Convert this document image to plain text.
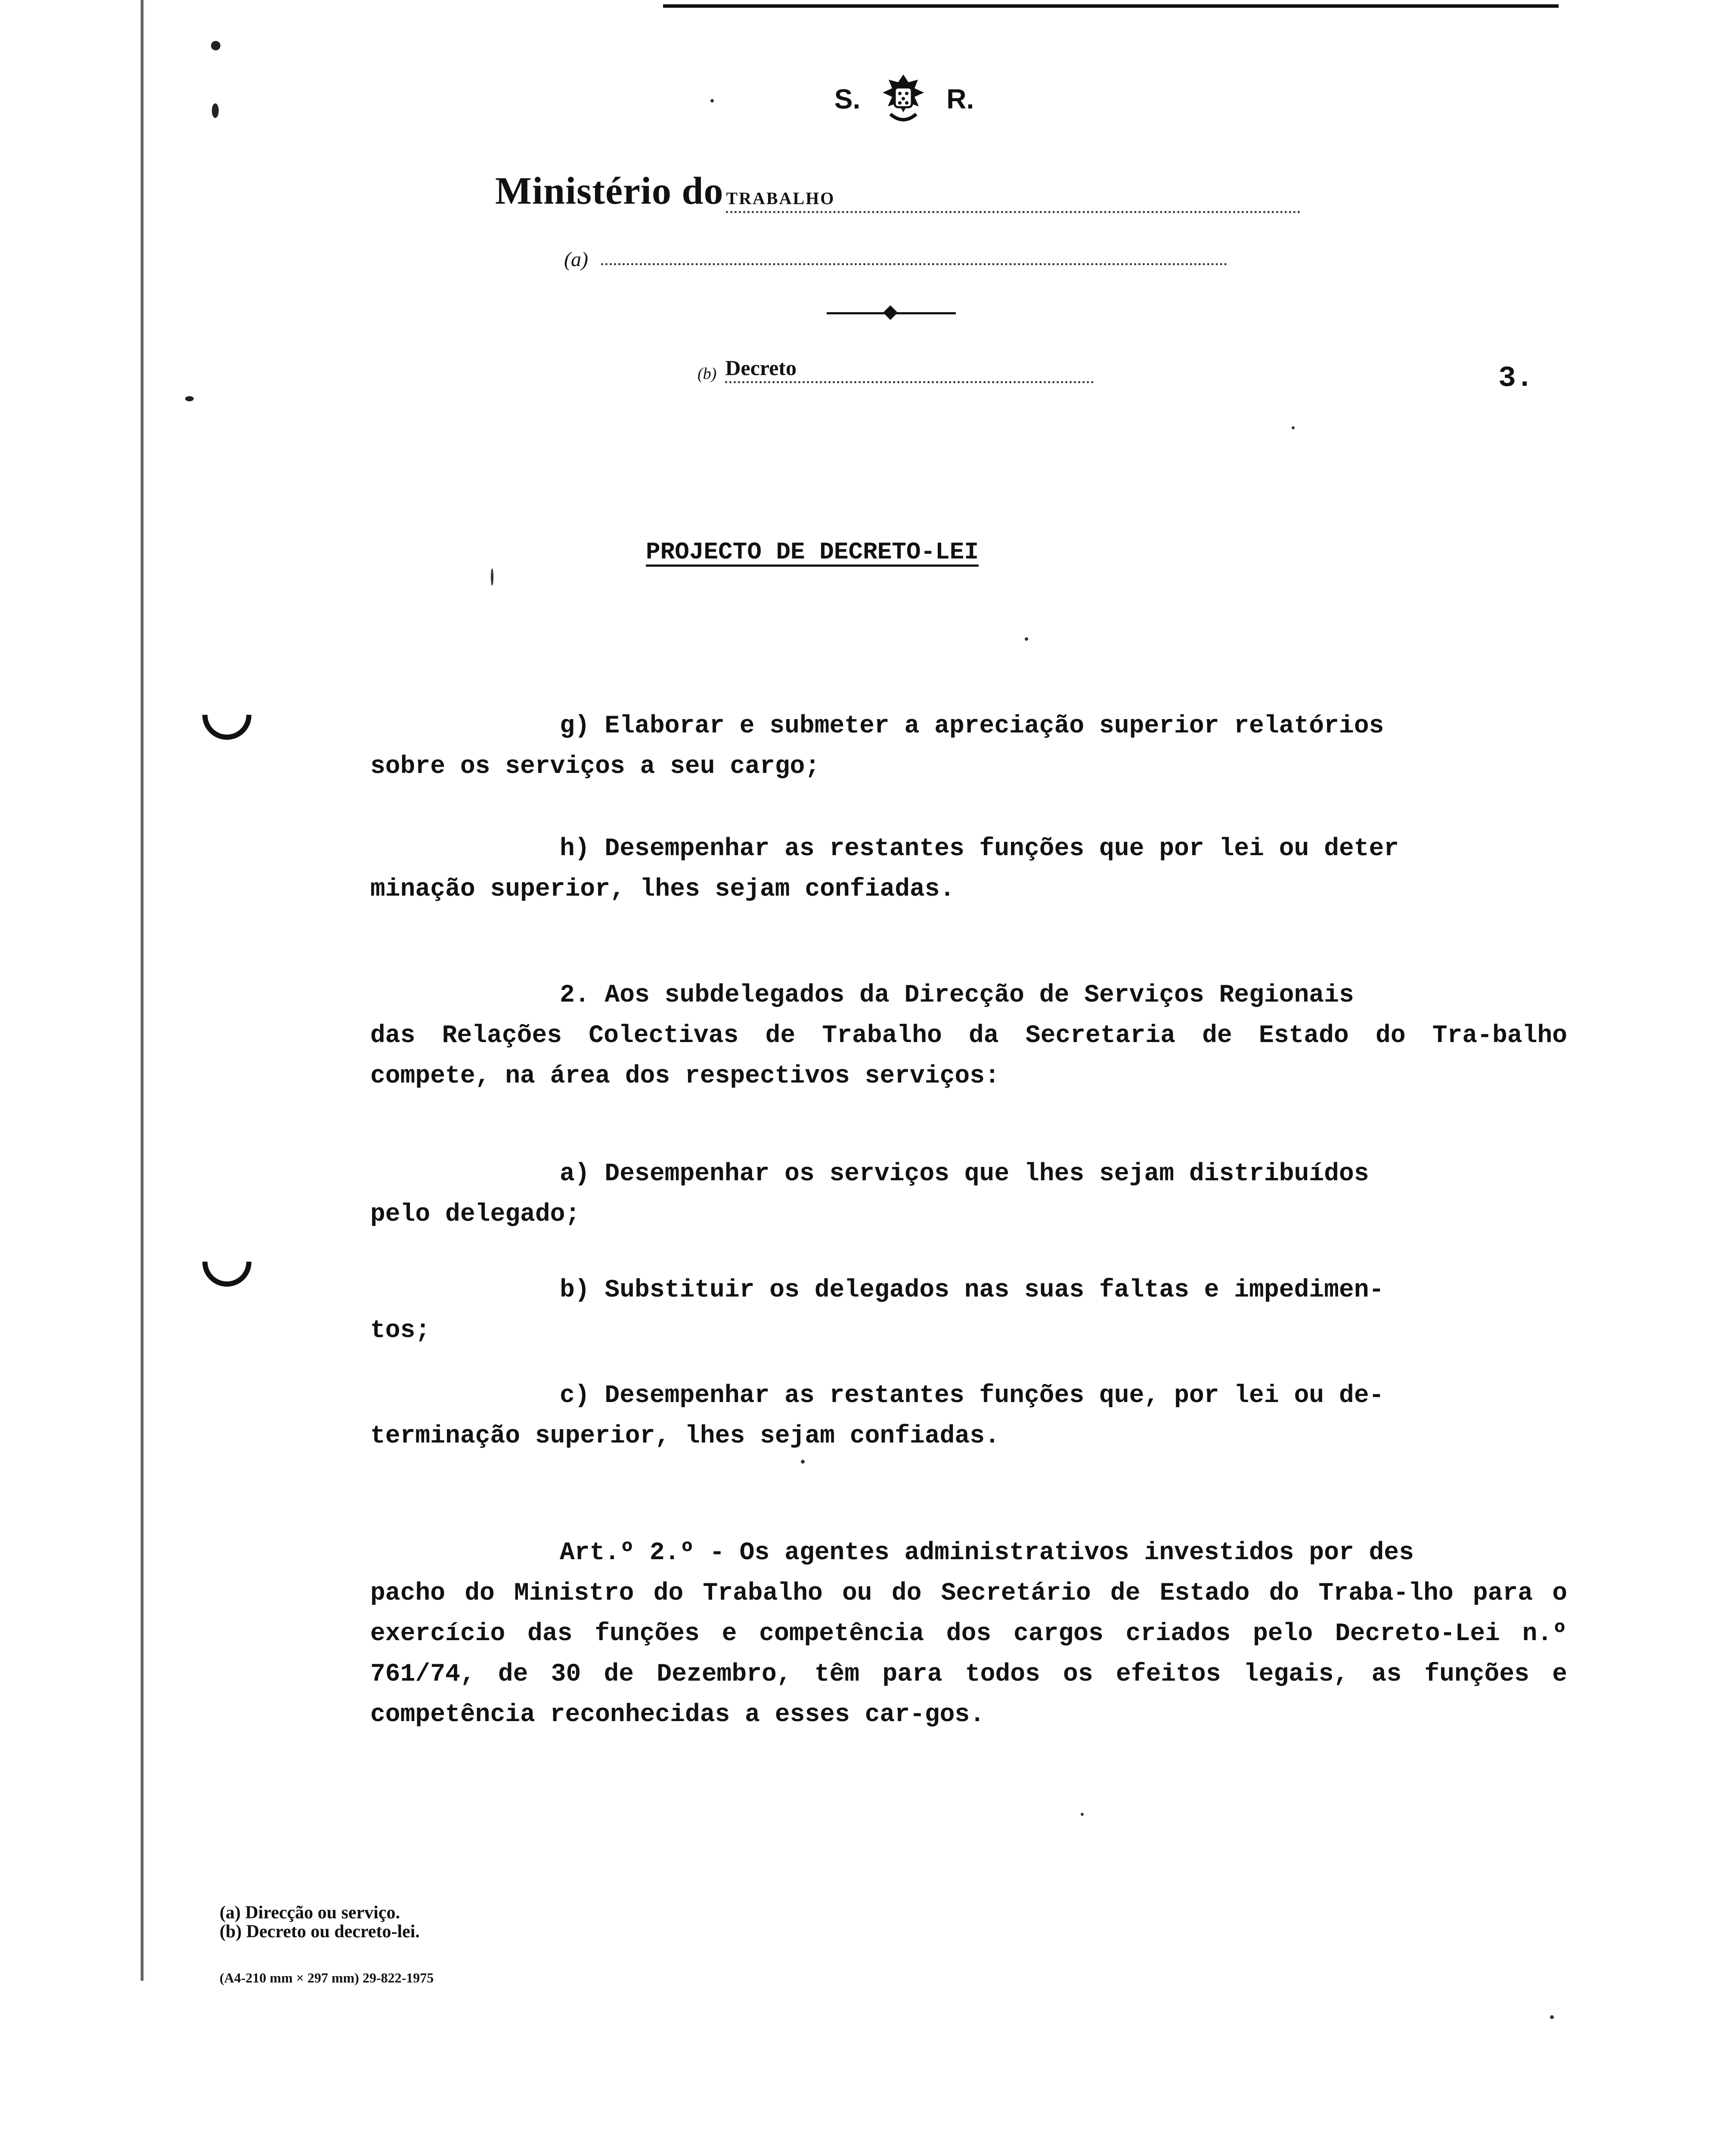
S.	R.
Ministério do TRABALHO
(a)
(b) Decreto	3.
PROJECTO DE DECRETO-LEI

g) Elaborar e submeter a apreciação superior relatórios
sobre os serviços a seu cargo;

h) Desempenhar as restantes funções que por lei ou deter
minação superior, lhes sejam confiadas.

2. Aos subdelegados da Direcção de Serviços Regionais
das Relações Colectivas de Trabalho da Secretaria de Estado do Tra-balho compete, na área dos respectivos serviços:

a) Desempenhar os serviços que lhes sejam distribuídos
pelo delegado;

b) Substituir os delegados nas suas faltas e impedimen-
tos;

c) Desempenhar as restantes funções que, por lei ou de-
terminação superior, lhes sejam confiadas.

Art.º 2.º - Os agentes administrativos investidos por des
pacho do Ministro do Trabalho ou do Secretário de Estado do Traba-lho para o exercício das funções e competência dos cargos criados pelo Decreto-Lei n.º 761/74, de 30 de Dezembro, têm para todos os efeitos legais, as funções e competência reconhecidas a esses car-gos.

(a) Direcção ou serviço.
(b) Decreto ou decreto-lei.
(A4-210 mm × 297 mm) 29-822-1975
